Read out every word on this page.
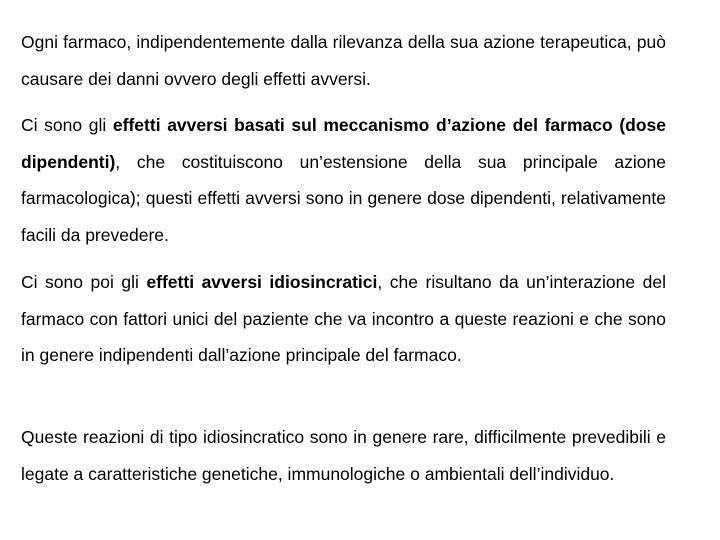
Ogni farmaco, indipendentemente dalla rilevanza della sua azione terapeutica, può causare dei danni ovvero degli effetti avversi.

Ci sono gli effetti avversi basati sul meccanismo d’azione del farmaco (dose dipendenti), che costituiscono un’estensione della sua principale azione farmacologica); questi effetti avversi sono in genere dose dipendenti, relativamente facili da prevedere.

Ci sono poi gli effetti avversi idiosincratici, che risultano da un’interazione del farmaco con fattori unici del paziente che va incontro a queste reazioni e che sono in genere indipendenti dall’azione principale del farmaco.

Queste reazioni di tipo idiosincratico sono in genere rare, difficilmente prevedibili e legate a caratteristiche genetiche, immunologiche o ambientali dell’individuo.
